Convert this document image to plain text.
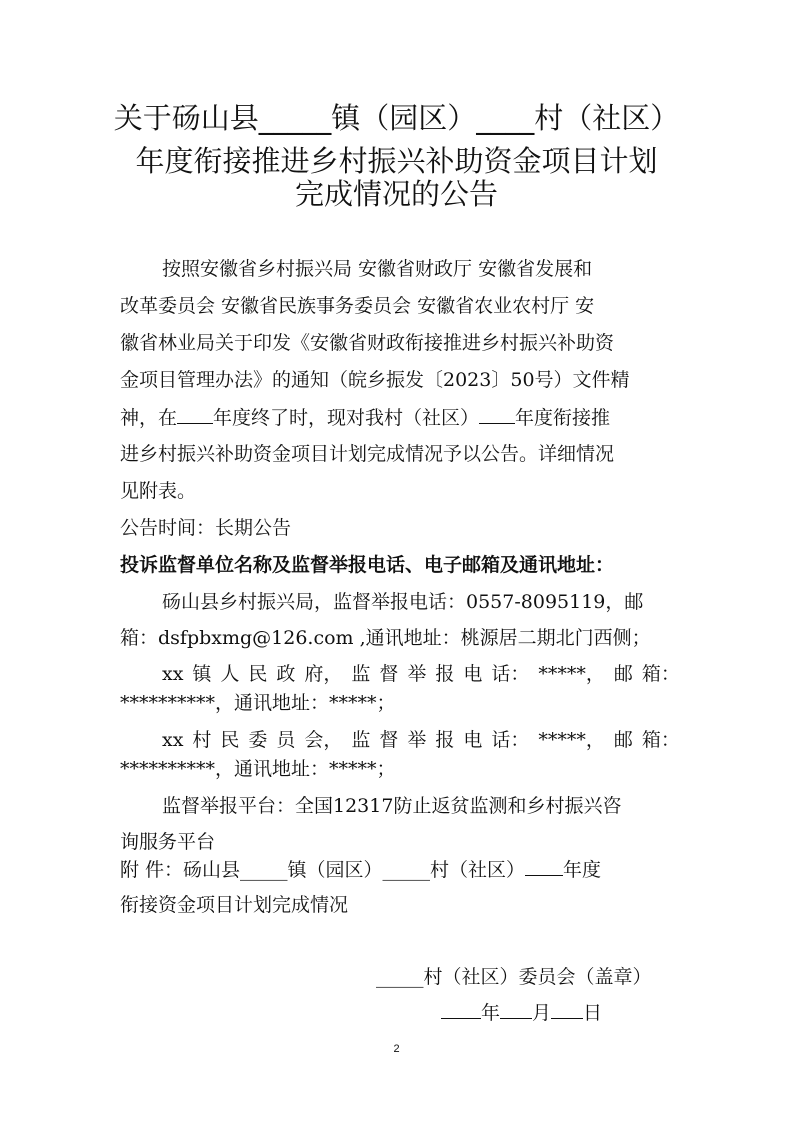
关于砀山县_____镇（园区）____村（社区）
年度衔接推进乡村振兴补助资金项目计划
完成情况的公告
按照安徽省乡村振兴局 安徽省财政厅 安徽省发展和
改革委员会 安徽省民族事务委员会 安徽省农业农村厅 安
徽省林业局关于印发《安徽省财政衔接推进乡村振兴补助资
金项目管理办法》的通知（皖乡振发〔2023〕50号）文件精
神，在 年度终了时，现对我村（社区） 年度衔接推
进乡村振兴补助资金项目计划完成情况予以公告。详细情况
见附表。
公告时间：长期公告
投诉监督单位名称及监督举报电话、电子邮箱及通讯地址：
砀山县乡村振兴局，监督举报电话：0557-8095119，邮
箱：dsfpbxmg@126.com ,通讯地址：桃源居二期北门西侧；
xx 镇 人 民 政 府， 监 督 举 报 电 话： *****， 邮 箱：
**********，通讯地址：*****；
xx 村 民 委 员 会， 监 督 举 报 电 话： *****， 邮 箱：
**********，通讯地址：*****；
监督举报平台：全国12317防止返贫监测和乡村振兴咨
询服务平台
附 件：砀山县_____镇（园区）_____村（社区） 年度
衔接资金项目计划完成情况
_____村（社区）委员会（盖章）
年 月 日
2
